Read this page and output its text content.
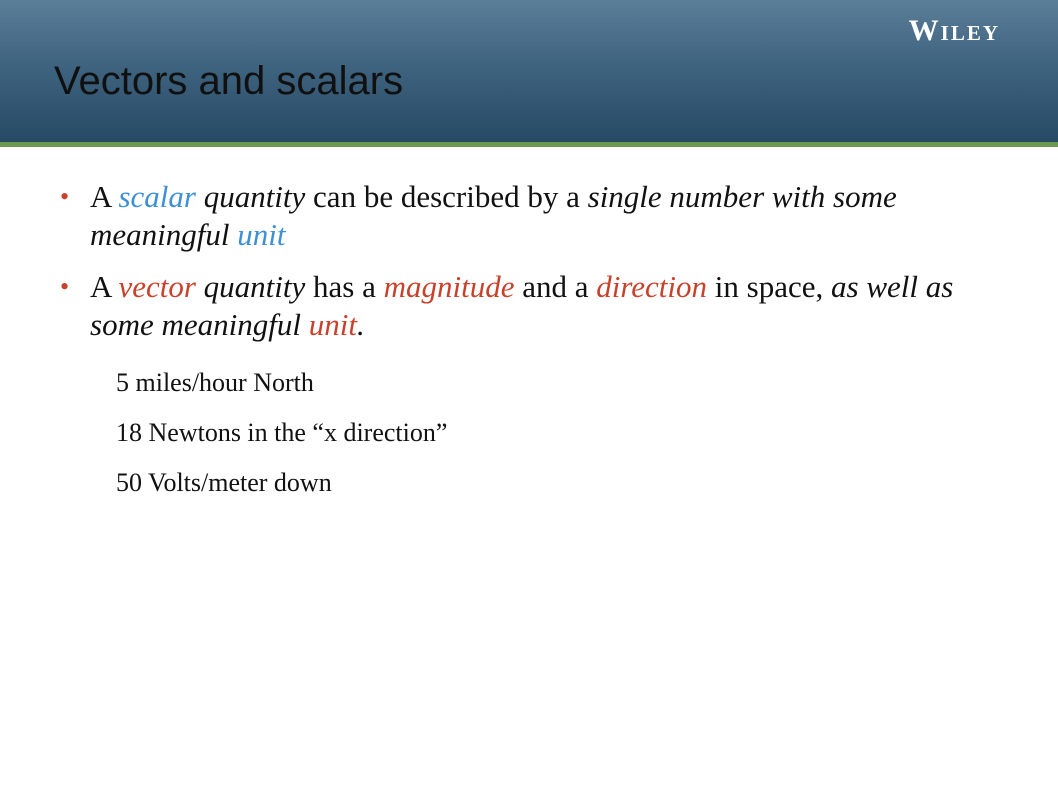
Wiley
Vectors and scalars
• A scalar quantity can be described by a single number with some meaningful unit
• A vector quantity has a magnitude and a direction in space, as well as some meaningful unit.
5 miles/hour North
18 Newtons in the “x direction”
50 Volts/meter down
